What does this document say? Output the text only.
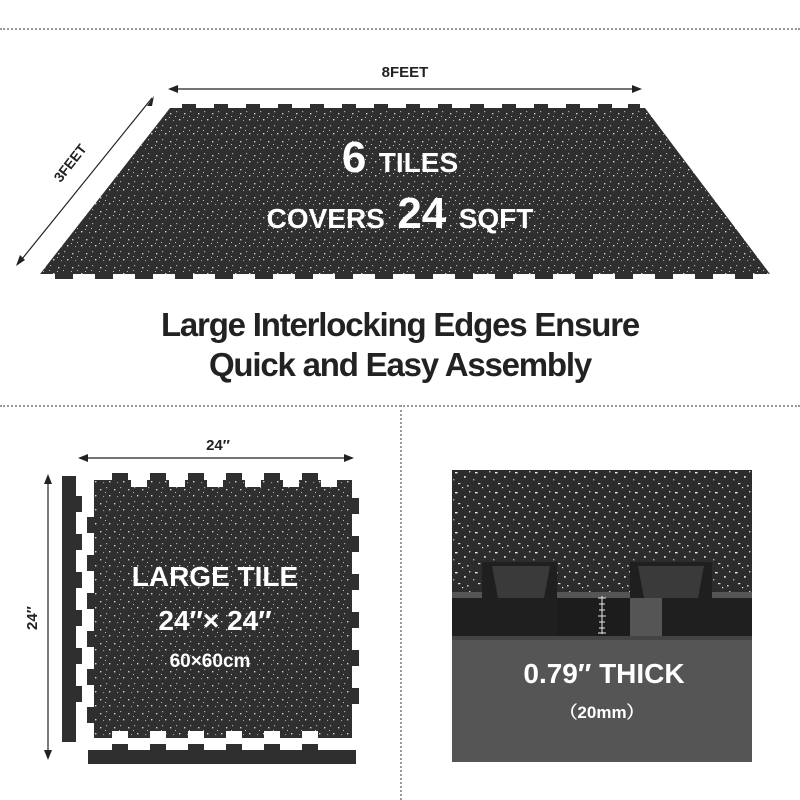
8FEET
3FEET	6 TILES
COVERS 24 SQFT
Large Interlocking Edges Ensure
Quick and Easy Assembly
24″
24″
LARGE TILE
24″× 24″
60×60cm	0.79″ THICK
（20mm）
